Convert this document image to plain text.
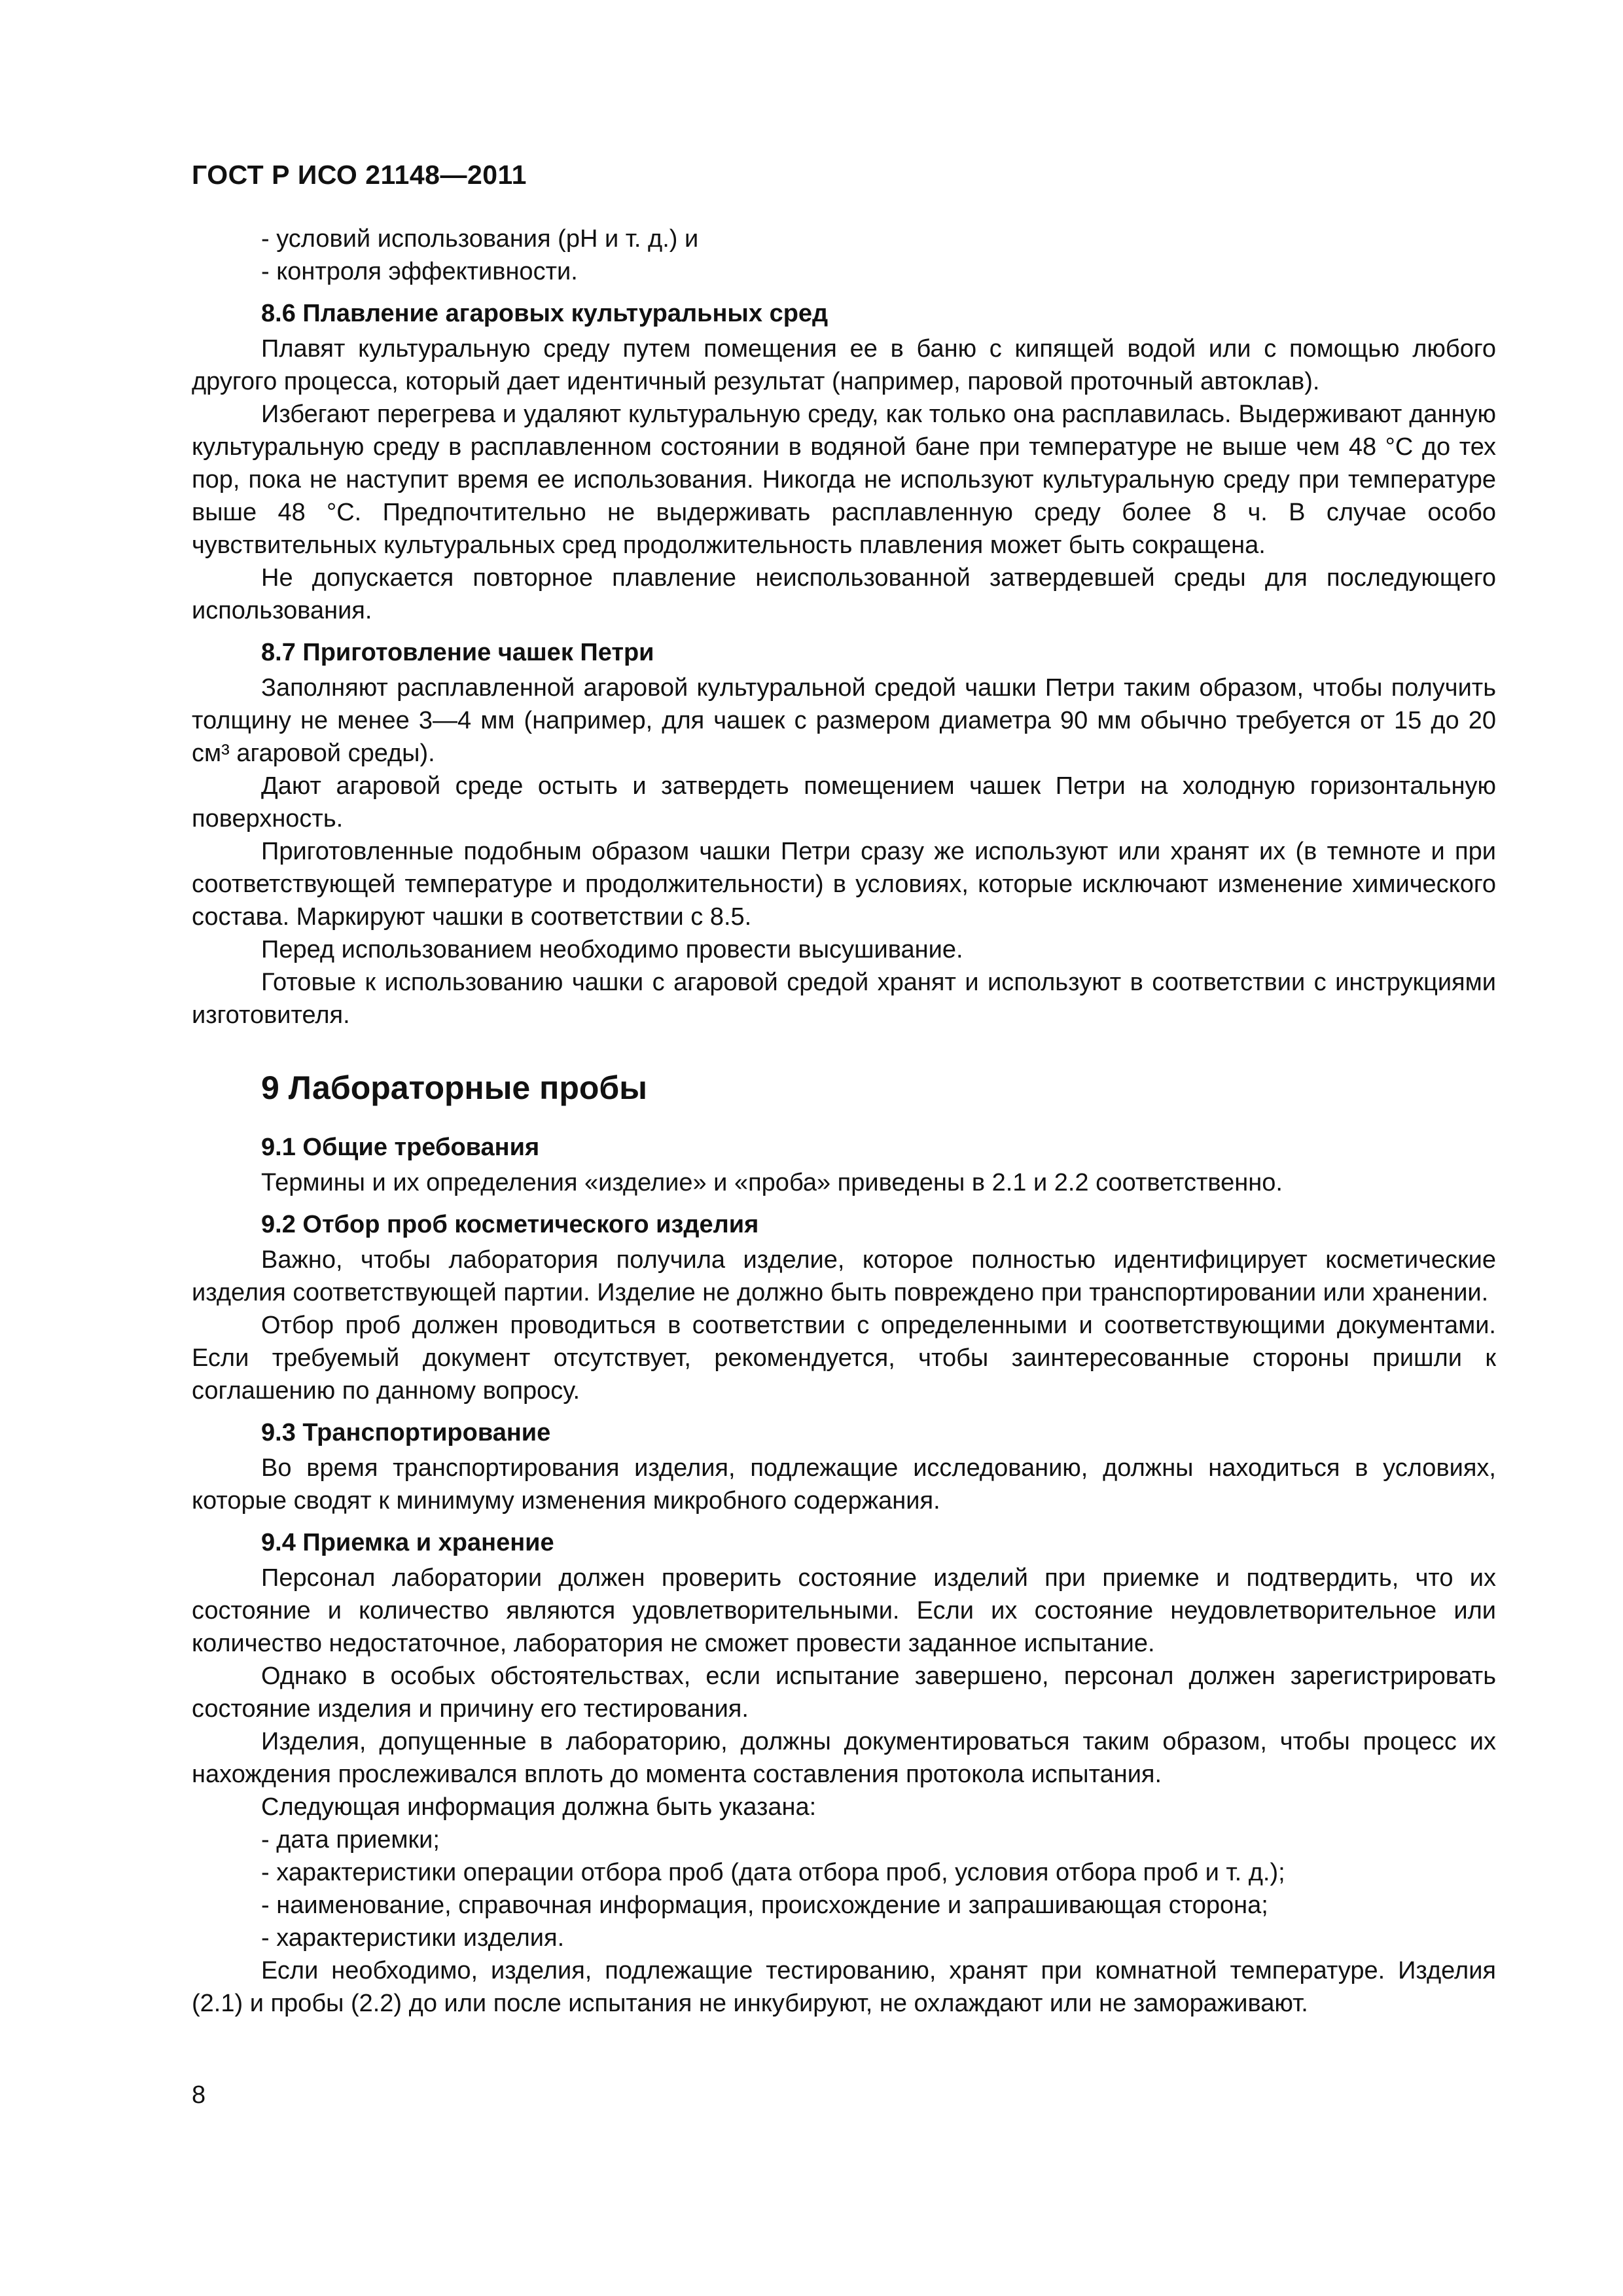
ГОСТ Р ИСО 21148—2011
- условий использования (pH и т. д.) и
- контроля эффективности.
8.6 Плавление агаровых культуральных сред

Плавят культуральную среду путем помещения ее в баню с кипящей водой или с помощью любого другого процесса, который дает идентичный результат (например, паровой проточный автоклав).

Избегают перегрева и удаляют культуральную среду, как только она расплавилась. Выдерживают данную культуральную среду в расплавленном состоянии в водяной бане при температуре не выше чем 48 °С до тех пор, пока не наступит время ее использования. Никогда не используют культуральную среду при температуре выше 48 °С. Предпочтительно не выдерживать расплавленную среду более 8 ч. В случае особо чувствительных культуральных сред продолжительность плавления может быть сокращена.

Не допускается повторное плавление неиспользованной затвердевшей среды для последующего использования.

8.7 Приготовление чашек Петри

Заполняют расплавленной агаровой культуральной средой чашки Петри таким образом, чтобы получить толщину не менее 3—4 мм (например, для чашек с размером диаметра 90 мм обычно требуется от 15 до 20 см³ агаровой среды).

Дают агаровой среде остыть и затвердеть помещением чашек Петри на холодную горизонтальную поверхность.

Приготовленные подобным образом чашки Петри сразу же используют или хранят их (в темноте и при соответствующей температуре и продолжительности) в условиях, которые исключают изменение химического состава. Маркируют чашки в соответствии с 8.5.

Перед использованием необходимо провести высушивание.

Готовые к использованию чашки с агаровой средой хранят и используют в соответствии с инструкциями изготовителя.

9 Лабораторные пробы
9.1 Общие требования

Термины и их определения «изделие» и «проба» приведены в 2.1 и 2.2 соответственно.

9.2 Отбор проб косметического изделия

Важно, чтобы лаборатория получила изделие, которое полностью идентифицирует косметические изделия соответствующей партии. Изделие не должно быть повреждено при транспортировании или хранении.

Отбор проб должен проводиться в соответствии с определенными и соответствующими документами. Если требуемый документ отсутствует, рекомендуется, чтобы заинтересованные стороны пришли к соглашению по данному вопросу.

9.3 Транспортирование

Во время транспортирования изделия, подлежащие исследованию, должны находиться в условиях, которые сводят к минимуму изменения микробного содержания.

9.4 Приемка и хранение

Персонал лаборатории должен проверить состояние изделий при приемке и подтвердить, что их состояние и количество являются удовлетворительными. Если их состояние неудовлетворительное или количество недостаточное, лаборатория не сможет провести заданное испытание.

Однако в особых обстоятельствах, если испытание завершено, персонал должен зарегистрировать состояние изделия и причину его тестирования.

Изделия, допущенные в лабораторию, должны документироваться таким образом, чтобы процесс их нахождения прослеживался вплоть до момента составления протокола испытания.

Следующая информация должна быть указана:

- дата приемки;
- характеристики операции отбора проб (дата отбора проб, условия отбора проб и т. д.);
- наименование, справочная информация, происхождение и запрашивающая сторона;
- характеристики изделия.

Если необходимо, изделия, подлежащие тестированию, хранят при комнатной температуре. Изделия (2.1) и пробы (2.2) до или после испытания не инкубируют, не охлаждают или не замораживают.

8
